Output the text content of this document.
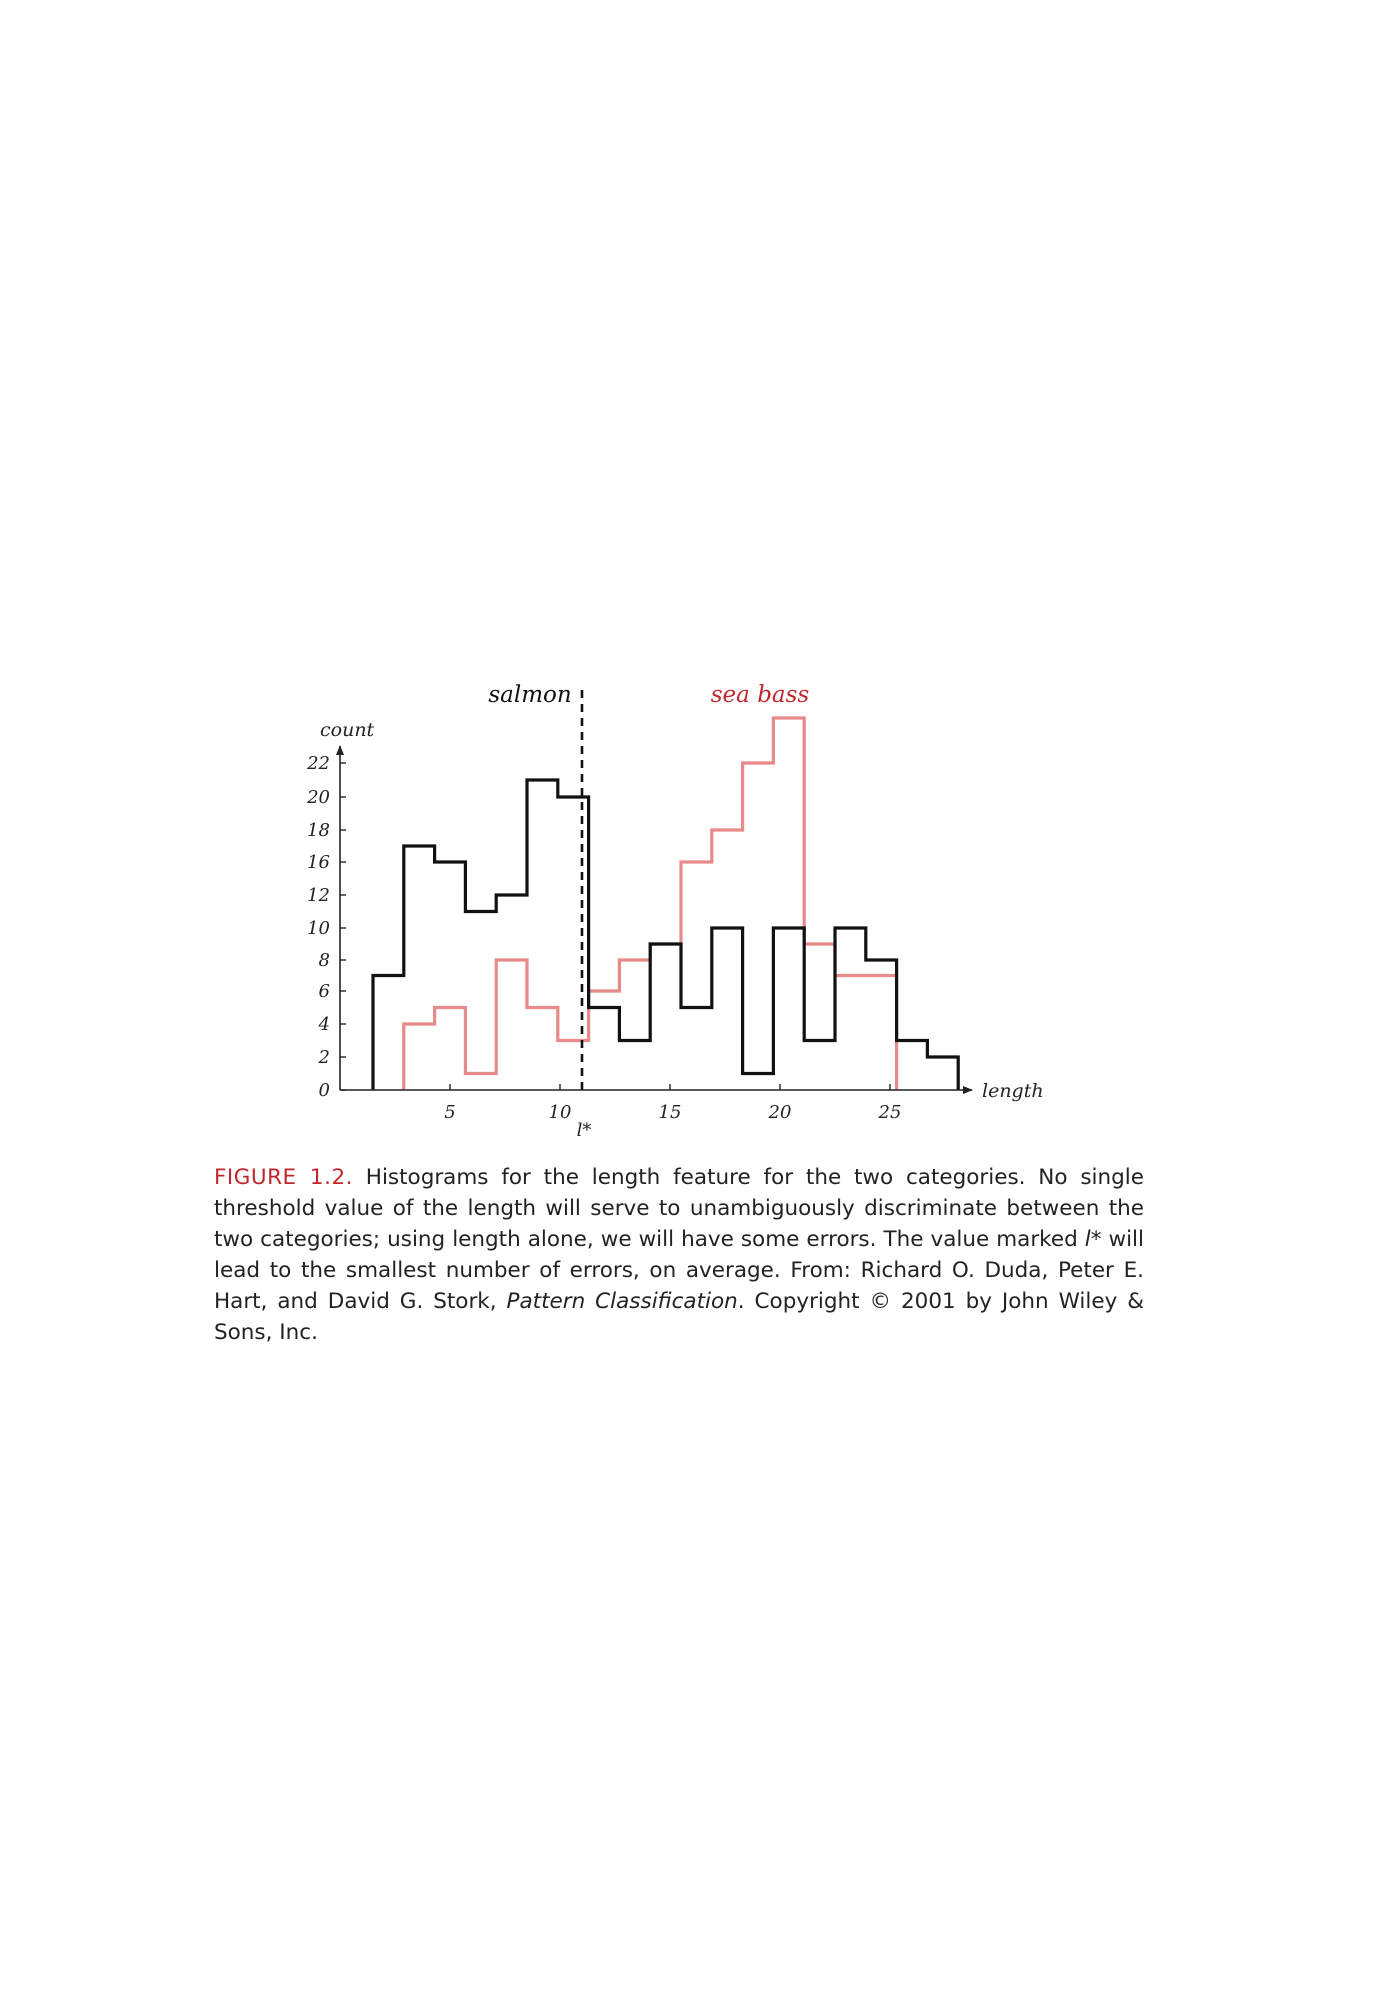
5	10	15	20	25
0
2
4
6
8
10
12
16
18
20
22
length
count
l*
salmon	sea bass

FIGURE 1.2. Histograms for the length feature for the two categories. No single threshold value of the length will serve to unambiguously discriminate between the two categories; using length alone, we will have some errors. The value marked l* will lead to the smallest number of errors, on average. From: Richard O. Duda, Peter E. Hart, and David G. Stork, Pattern Classification. Copyright © 2001 by John Wiley & Sons, Inc.
